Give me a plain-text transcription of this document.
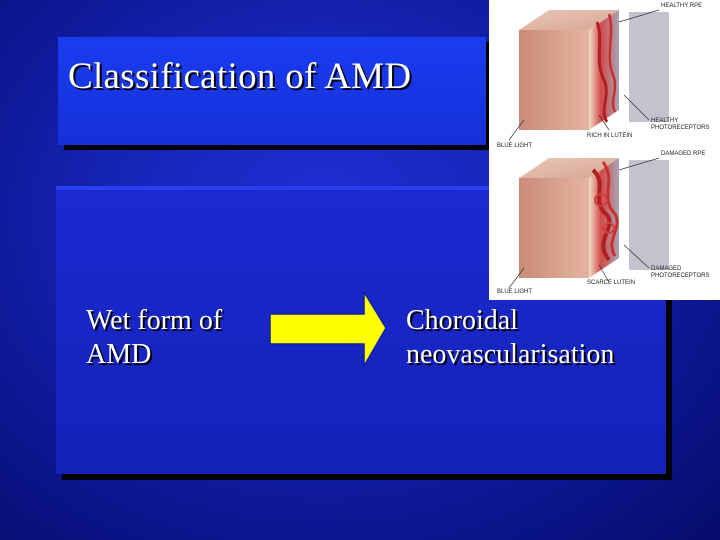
Classification of AMD
Wet form of
AMD
Choroidal
neovascularisation
HEALTHY RPE
HEALTHY PHOTORECEPTORS
RICH IN LUTEIN
BLUE LIGHT
DAMAGED RPE
DAMAGED PHOTORECEPTORS
SCARCE LUTEIN
BLUE LIGHT
